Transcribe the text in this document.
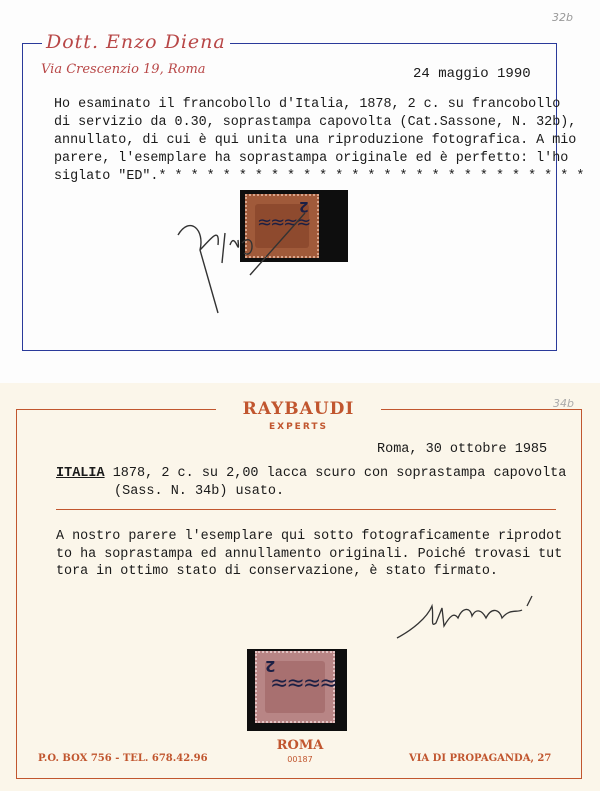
Dott. Enzo Diena
Via Crescenzio 19, Roma
32b
24 maggio 1990
Ho esaminato il francobollo d'Italia, 1878, 2 c. su francobollo
di servizio da 0.30, soprastampa capovolta (Cat.Sassone, N. 32b),
annullato, di cui è qui unita una riproduzione fotografica. A mio
parere, l'esemplare ha soprastampa originale ed è perfetto: l'ho
siglato "ED".* * * * * * * * * * * * * * * * * * * * * * * * * * *
≈≈≈≈
2
RAYBAUDI
EXPERTS
34b
Roma, 30 ottobre 1985
ITALIA 1878, 2 c. su 2,00 lacca scuro con soprastampa capovolta
(Sass. N. 34b) usato.
A nostro parere l'esemplare qui sotto fotograficamente riprodot
to ha soprastampa ed annullamento originali. Poiché trovasi tut
tora in ottimo stato di conservazione, è stato firmato.
≈≈≈≈
2
P.O. BOX 756 - TEL. 678.42.96
ROMA
00187	VIA DI PROPAGANDA, 27
